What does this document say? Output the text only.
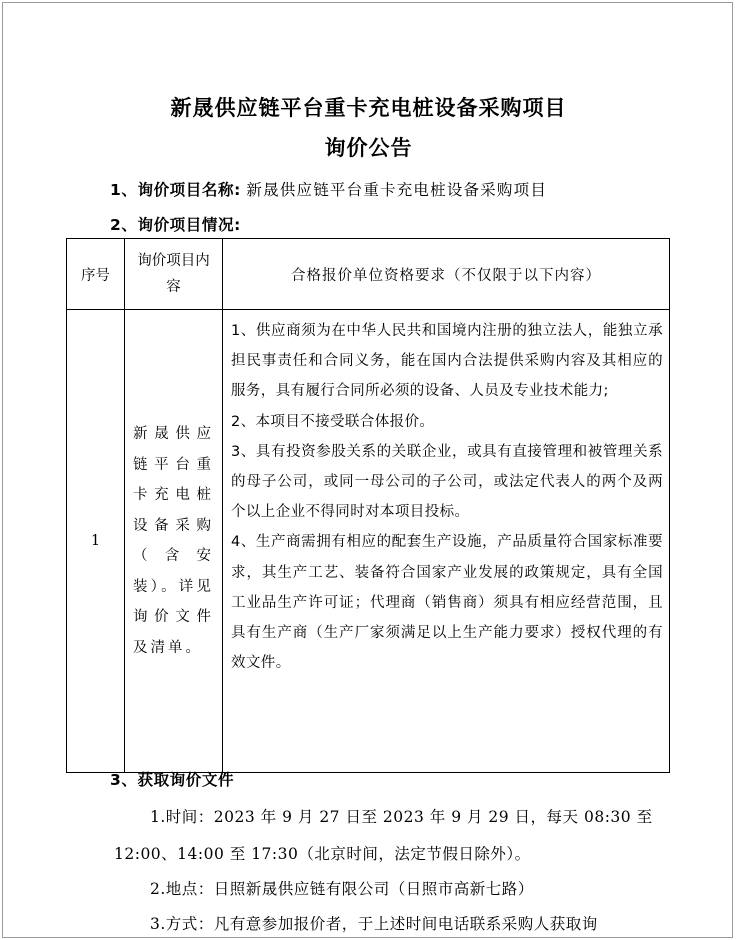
新晟供应链平台重卡充电桩设备采购项目
询价公告
1、询价项目名称: 新晟供应链平台重卡充电桩设备采购项目
2、询价项目情况:
序号	询价项目内容	合格报价单位资格要求（不仅限于以下内容）
1	新晟供应链平台重卡充电桩设备采购（含安装）。详见询价文件及清单。	1、供应商须为在中华人民共和国境内注册的独立法人，能独立承担民事责任和合同义务，能在国内合法提供采购内容及其相应的服务，具有履行合同所必须的设备、人员及专业技术能力;

2、本项目不接受联合体报价。

3、具有投资参股关系的关联企业，或具有直接管理和被管理关系的母子公司，或同一母公司的子公司，或法定代表人的两个及两个以上企业不得同时对本项目投标。

4、生产商需拥有相应的配套生产设施，产品质量符合国家标准要求，其生产工艺、装备符合国家产业发展的政策规定，具有全国工业品生产许可证；代理商（销售商）须具有相应经营范围，且具有生产商（生产厂家须满足以上生产能力要求）授权代理的有效文件。

3、获取询价文件
1.时间：2023 年 9 月 27 日至 2023 年 9 月 29 日，每天 08:30 至
12:00、14:00 至 17:30（北京时间，法定节假日除外）。
2.地点：日照新晟供应链有限公司（日照市高新七路）
3.方式：凡有意参加报价者，于上述时间电话联系采购人获取询
